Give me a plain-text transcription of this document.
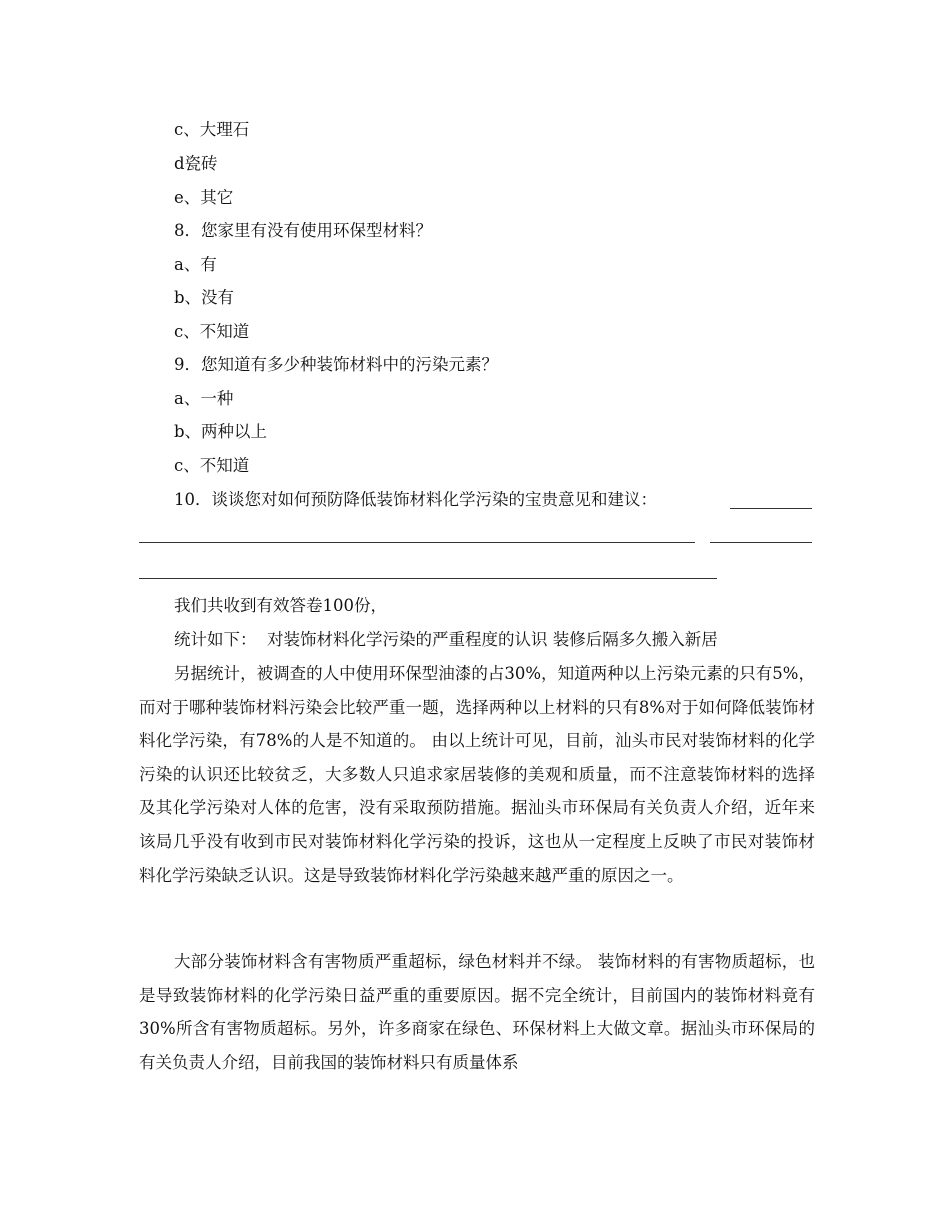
c、大理石
d瓷砖
e、其它
8．您家里有没有使用环保型材料？
a、有
b、没有
c、不知道
9．您知道有多少种装饰材料中的污染元素？
a、一种
b、两种以上
c、不知道
10．谈谈您对如何预防降低装饰材料化学污染的宝贵意见和建议：
我们共收到有效答卷100份，
统计如下：  对装饰材料化学污染的严重程度的认识 装修后隔多久搬入新居
另据统计，被调查的人中使用环保型油漆的占30%，知道两种以上污染元素的只有5%，而对于哪种装饰材料污染会比较严重一题，选择两种以上材料的只有8%对于如何降低装饰材料化学污染，有78%的人是不知道的。 由以上统计可见，目前，汕头市民对装饰材料的化学污染的认识还比较贫乏，大多数人只追求家居装修的美观和质量，而不注意装饰材料的选择及其化学污染对人体的危害，没有采取预防措施。据汕头市环保局有关负责人介绍，近年来该局几乎没有收到市民对装饰材料化学污染的投诉，这也从一定程度上反映了市民对装饰材料化学污染缺乏认识。这是导致装饰材料化学污染越来越严重的原因之一。
大部分装饰材料含有害物质严重超标，绿色材料并不绿。 装饰材料的有害物质超标，也是导致装饰材料的化学污染日益严重的重要原因。据不完全统计，目前国内的装饰材料竟有30%所含有害物质超标。另外，许多商家在绿色、环保材料上大做文章。据汕头市环保局的有关负责人介绍，目前我国的装饰材料只有质量体系
